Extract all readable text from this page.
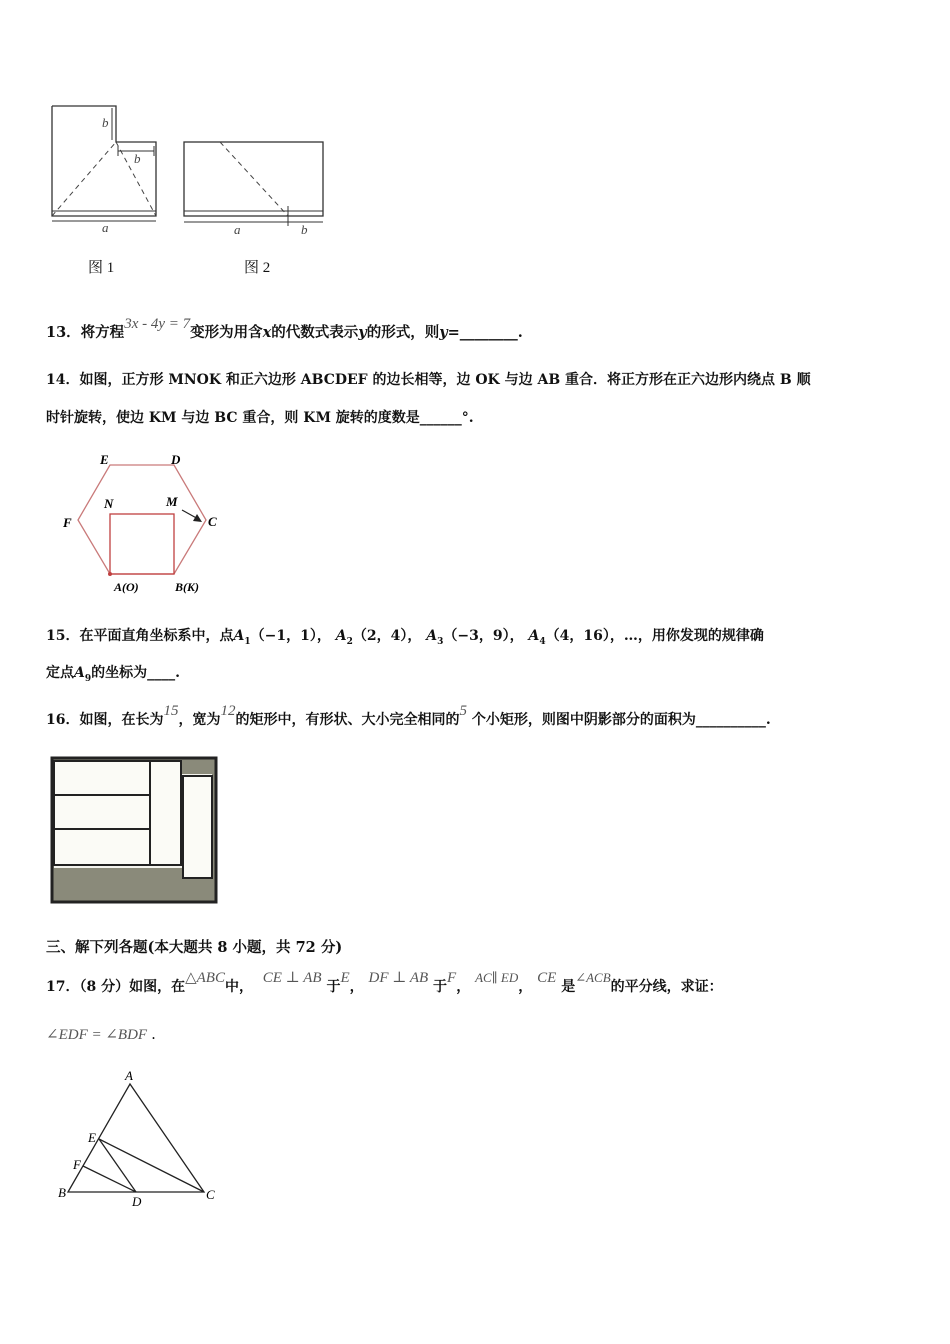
b
b
a
图 1
a	b
图 2
13．将方程3x - 4y = 7变形为用含x的代数式表示y的形式，则y=________.
14．如图，正方形 MNOK 和正六边形 ABCDEF 的边长相等，边 OK 与边 AB 重合．将正方形在正六边形内绕点 B 顺
时针旋转，使边 KM 与边 BC 重合，则 KM 旋转的度数是______°.
E	D
F	C
N	M
A(O)	B(K)
15．在平面直角坐标系中，点$A_1(-1$，1）， $A_2(2$，4）， $A_3(-3$，9）， $A_4(4$，16），…，用你发现的规律确
定点$A_9$的坐标为____.
16．如图，在长为15，宽为12的矩形中，有形状、大小完全相同的5 个小矩形，则图中阴影部分的面积为__________.
三、解下列各题(本大题共 8 小题，共 72 分)
17．（8 分）如图，在△ABC中，  CE ⊥ AB 于E， DF ⊥ AB 于F， AC∥ ED， CE 是∠ACB的平分线，求证：
∠EDF = ∠BDF .
A
E
F
B
D	C
